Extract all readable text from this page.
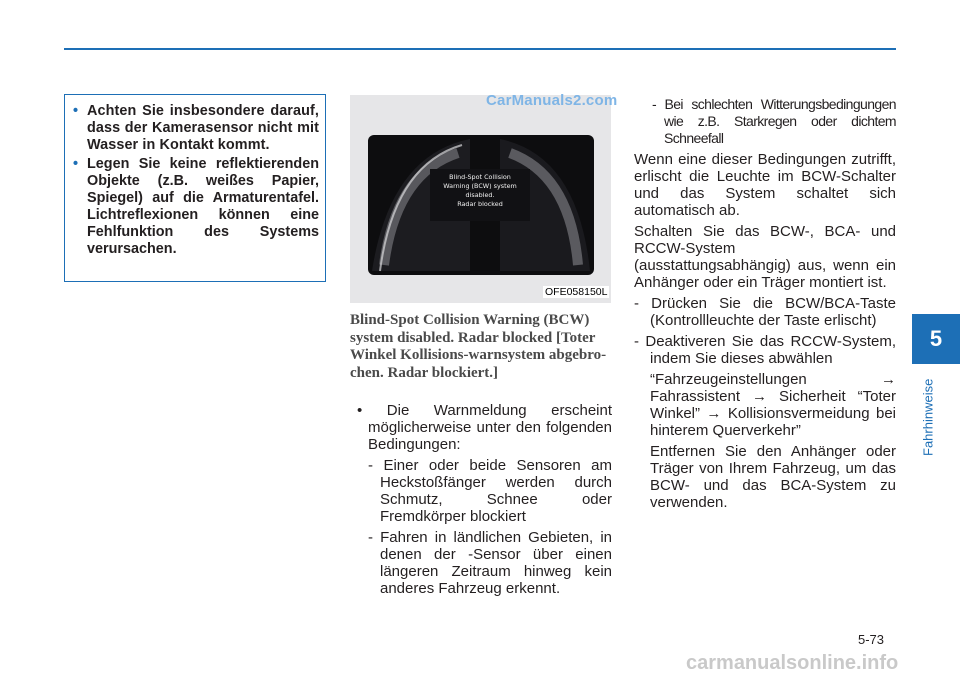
• Achten Sie insbesondere darauf, dass der Kamerasensor nicht mit Wasser in Kontakt kommt.
• Legen Sie keine reflektierenden Objekte (z.B. weißes Papier, Spiegel) auf die Armaturentafel. Lichtreflexionen können eine Fehlfunktion des Systems verursachen.
Blind-Spot Collision
Warning (BCW) system
disabled.
Radar blocked
CarManuals2.com
OFE058150L
Blind-Spot Collision Warning (BCW) system disabled. Radar blocked [Toter Winkel Kollisions-warnsystem abgebro-chen. Radar blockiert.]

• Die Warnmeldung erscheint möglicherweise unter den folgenden Bedingungen:

- Einer oder beide Sensoren am Heckstoßfänger werden durch Schmutz, Schnee oder Fremdkörper blockiert

- Fahren in ländlichen Gebieten, in denen der -Sensor über einen längeren Zeitraum hinweg kein anderes Fahrzeug erkennt.

- Bei schlechten Witterungsbedingungen wie z.B. Starkregen oder dichtem Schneefall

Wenn eine dieser Bedingungen zutrifft, erlischt die Leuchte im BCW-Schalter und das System schaltet sich automatisch ab.

Schalten Sie das BCW-, BCA- und RCCW-System (ausstattungsabhängig) aus, wenn ein Anhänger oder ein Träger montiert ist.

- Drücken Sie die BCW/BCA-Taste (Kontrollleuchte der Taste erlischt)

- Deaktiveren Sie das RCCW-System, indem Sie dieses abwählen

“Fahrzeugeinstellungen → Fahrassistent → Sicherheit “Toter Winkel” → Kollisionsvermeidung bei hinterem Querverkehr”

Entfernen Sie den Anhänger oder Träger von Ihrem Fahrzeug, um das BCW- und das BCA-System zu verwenden.

5
Fahrhinweise
5-73
carmanualsonline.info
